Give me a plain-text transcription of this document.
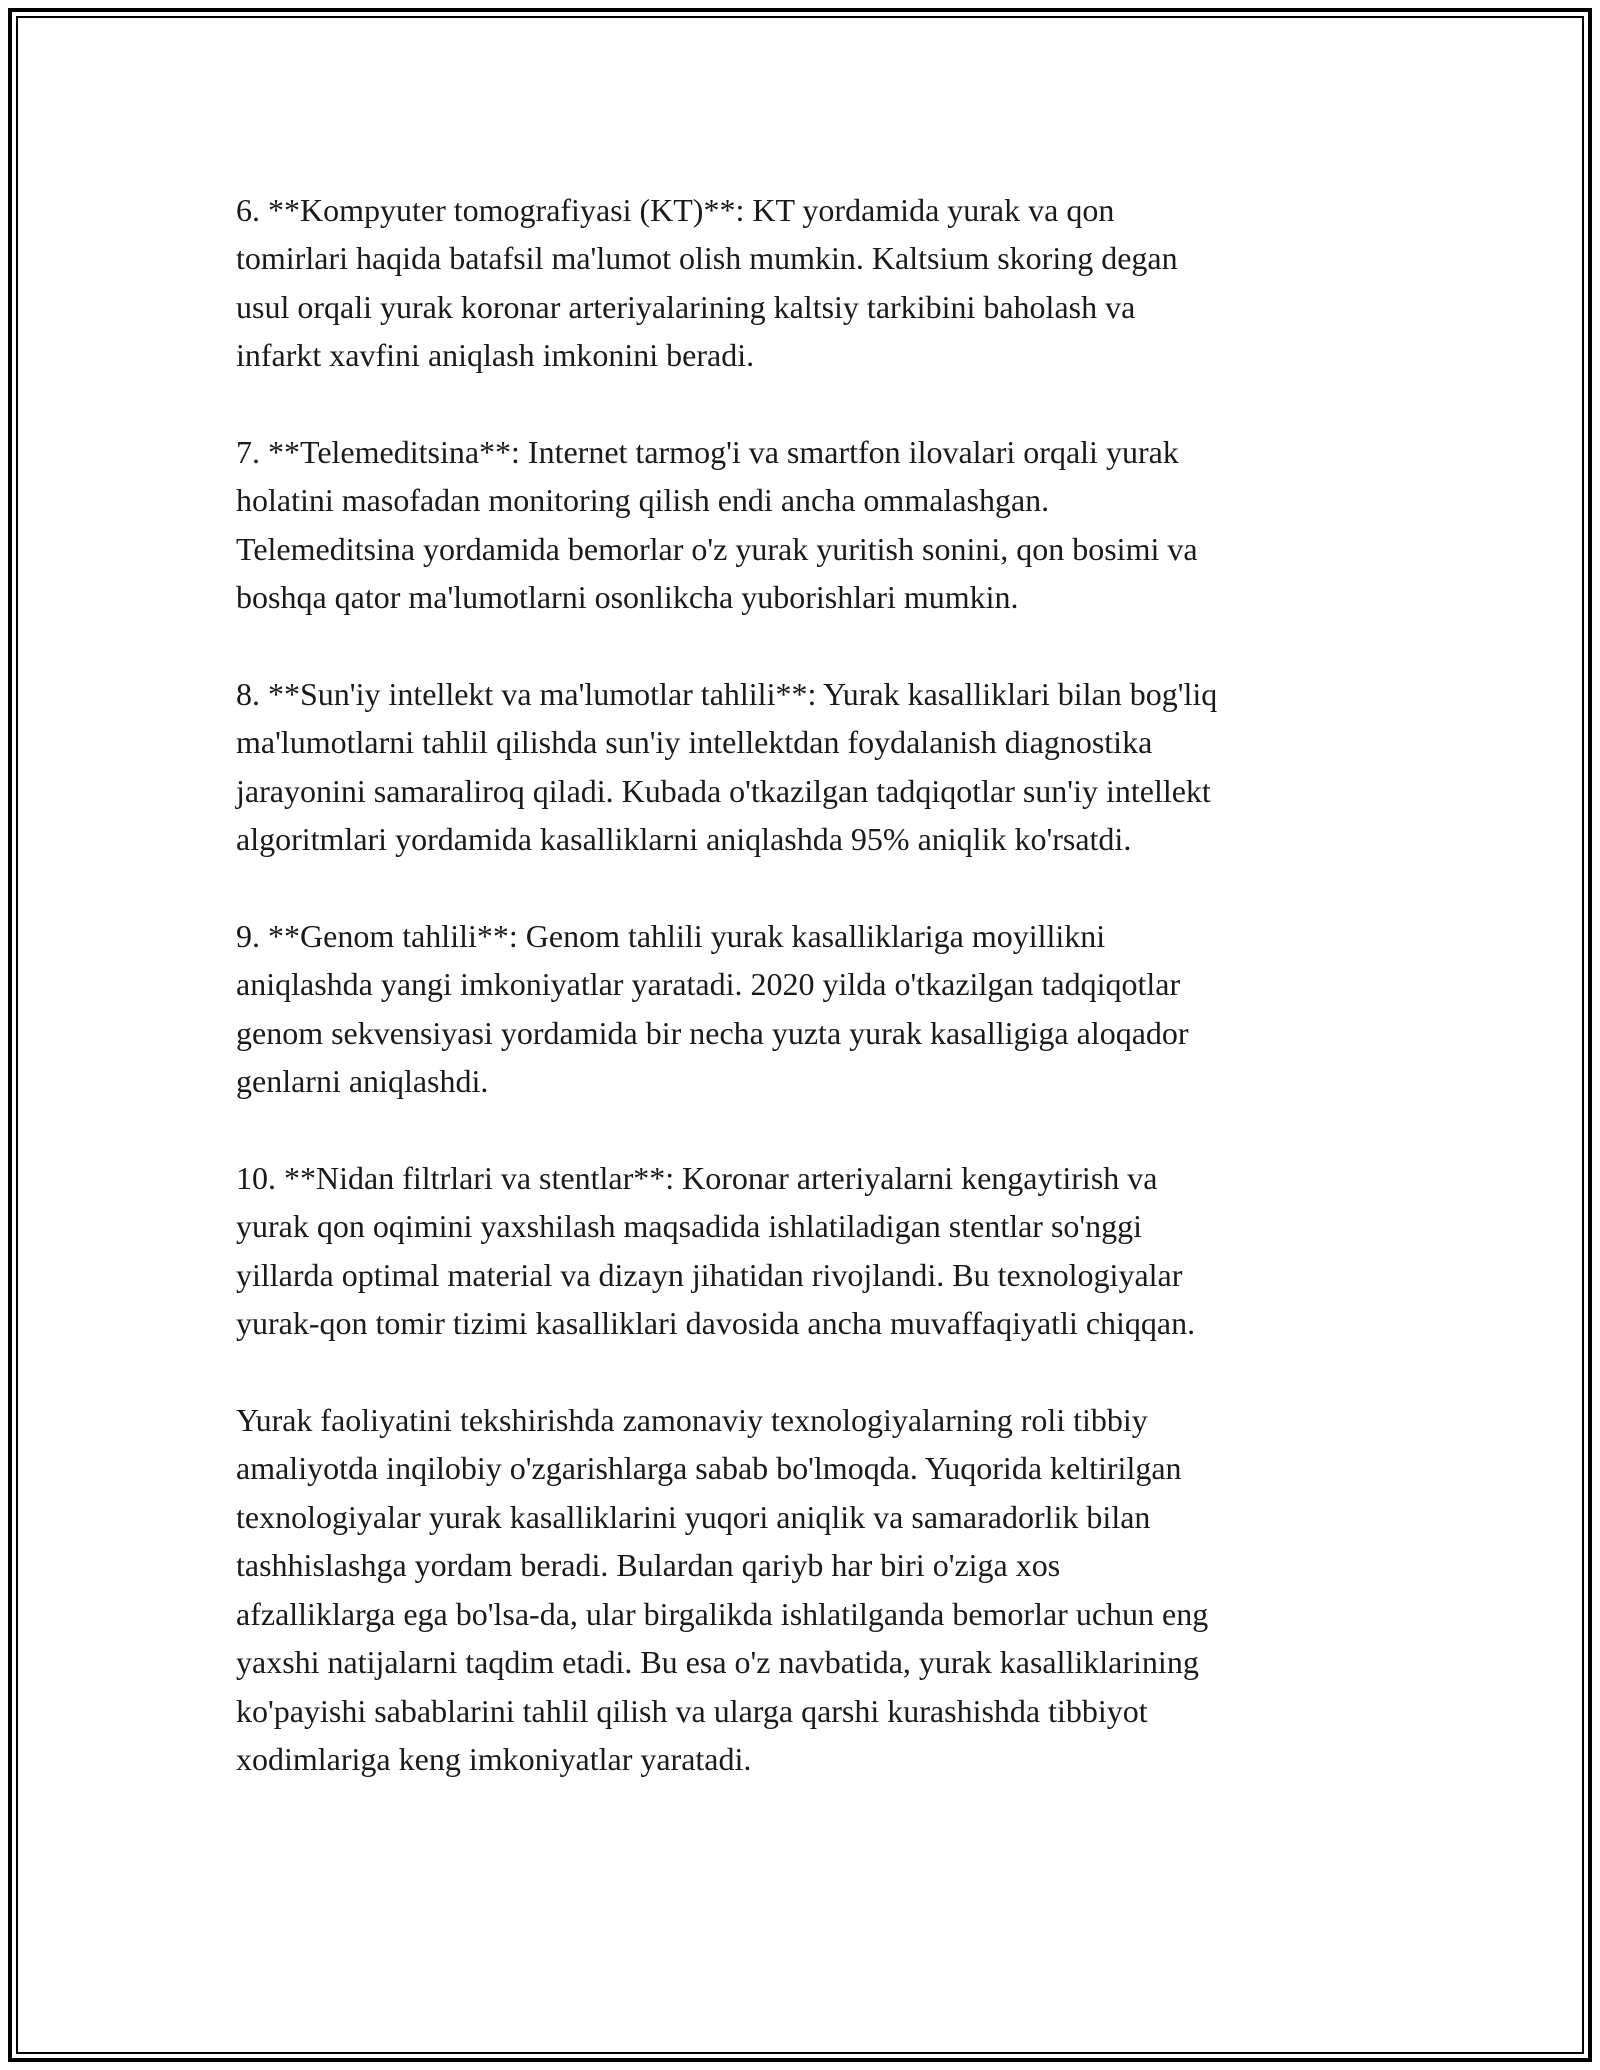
6. **Kompyuter tomografiyasi (KT)**: KT yordamida yurak va qon
tomirlari haqida batafsil ma'lumot olish mumkin. Kaltsium skoring degan
usul orqali yurak koronar arteriyalarining kaltsiy tarkibini baholash va
infarkt xavfini aniqlash imkonini beradi.

7. **Telemeditsina**: Internet tarmog'i va smartfon ilovalari orqali yurak
holatini masofadan monitoring qilish endi ancha ommalashgan.
Telemeditsina yordamida bemorlar o'z yurak yuritish sonini, qon bosimi va
boshqa qator ma'lumotlarni osonlikcha yuborishlari mumkin.

8. **Sun'iy intellekt va ma'lumotlar tahlili**: Yurak kasalliklari bilan bog'liq
ma'lumotlarni tahlil qilishda sun'iy intellektdan foydalanish diagnostika
jarayonini samaraliroq qiladi. Kubada o'tkazilgan tadqiqotlar sun'iy intellekt
algoritmlari yordamida kasalliklarni aniqlashda 95% aniqlik ko'rsatdi.

9. **Genom tahlili**: Genom tahlili yurak kasalliklariga moyillikni
aniqlashda yangi imkoniyatlar yaratadi. 2020 yilda o'tkazilgan tadqiqotlar
genom sekvensiyasi yordamida bir necha yuzta yurak kasalligiga aloqador
genlarni aniqlashdi.

10. **Nidan filtrlari va stentlar**: Koronar arteriyalarni kengaytirish va
yurak qon oqimini yaxshilash maqsadida ishlatiladigan stentlar so'nggi
yillarda optimal material va dizayn jihatidan rivojlandi. Bu texnologiyalar
yurak-qon tomir tizimi kasalliklari davosida ancha muvaffaqiyatli chiqqan.

Yurak faoliyatini tekshirishda zamonaviy texnologiyalarning roli tibbiy
amaliyotda inqilobiy o'zgarishlarga sabab bo'lmoqda. Yuqorida keltirilgan
texnologiyalar yurak kasalliklarini yuqori aniqlik va samaradorlik bilan
tashhislashga yordam beradi. Bulardan qariyb har biri o'ziga xos
afzalliklarga ega bo'lsa-da, ular birgalikda ishlatilganda bemorlar uchun eng
yaxshi natijalarni taqdim etadi. Bu esa o'z navbatida, yurak kasalliklarining
ko'payishi sabablarini tahlil qilish va ularga qarshi kurashishda tibbiyot
xodimlariga keng imkoniyatlar yaratadi.
